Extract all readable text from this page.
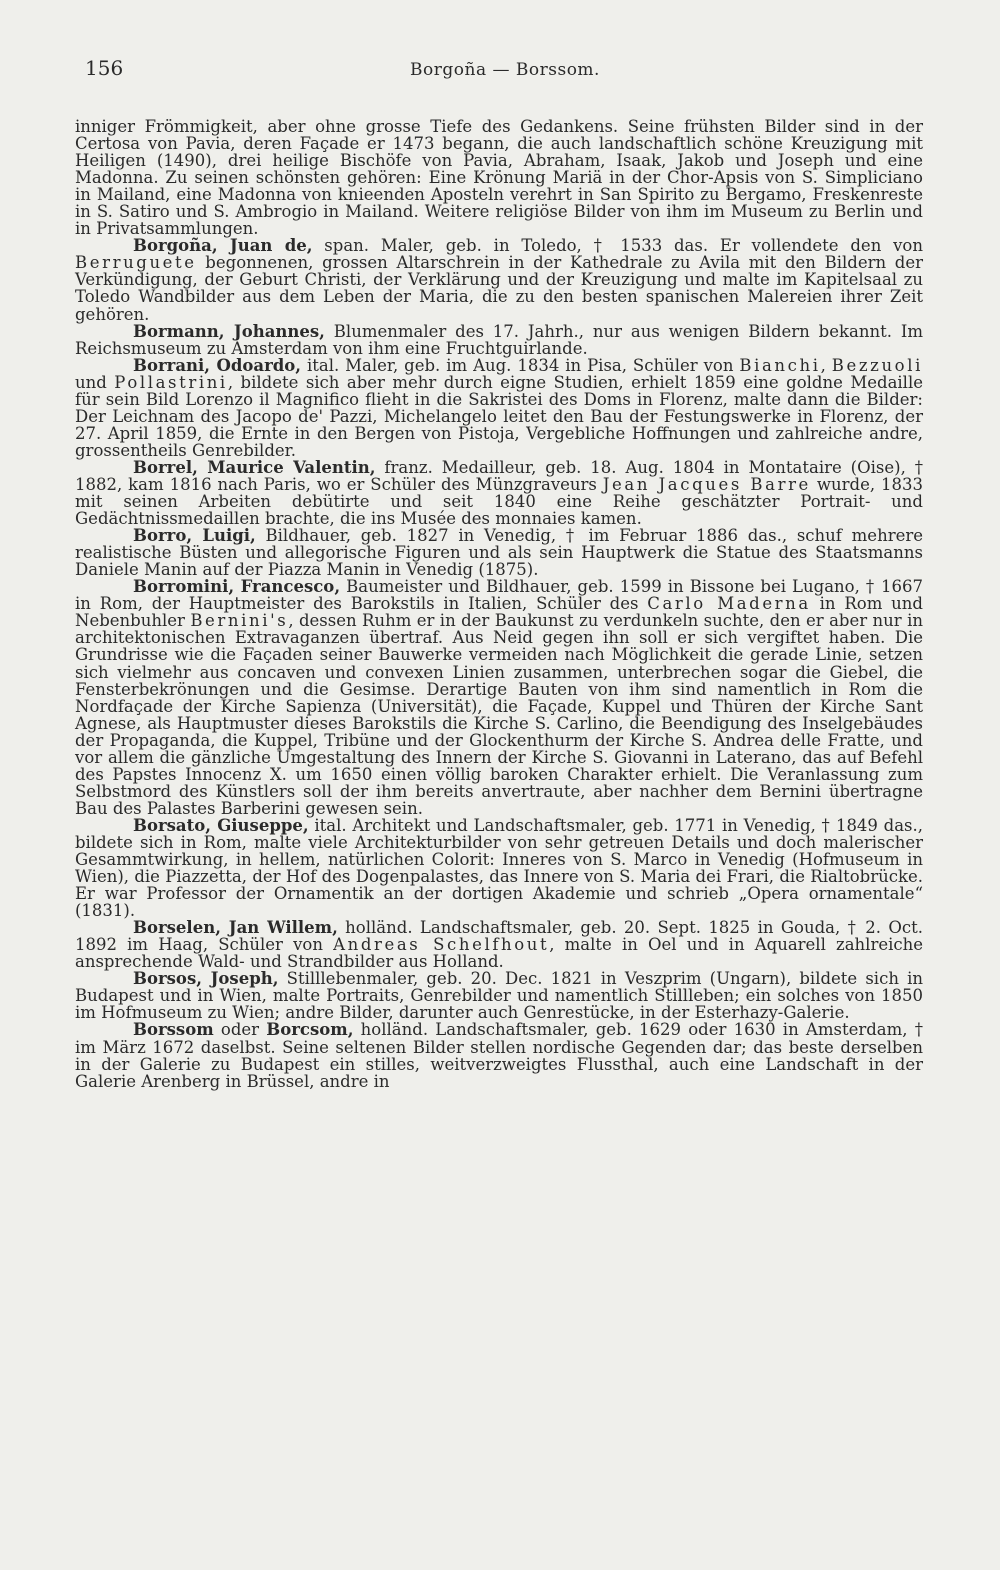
156	Borgoña — Borssom.

inniger Frömmigkeit, aber ohne grosse Tiefe des Gedankens. Seine frühsten Bilder sind in der Certosa von Pavia, deren Façade er 1473 begann, die auch landschaftlich schöne Kreuzigung mit Heiligen (1490), drei heilige Bischöfe von Pavia, Abraham, Isaak, Jakob und Joseph und eine Madonna. Zu seinen schönsten gehören: Eine Krönung Mariä in der Chor-Apsis von S. Simpliciano in Mailand, eine Madonna von knieenden Aposteln verehrt in San Spirito zu Bergamo, Freskenreste in S. Satiro und S. Ambrogio in Mailand. Weitere religiöse Bilder von ihm im Museum zu Berlin und in Privatsammlungen.

Borgoña, Juan de, span. Maler, geb. in Toledo, † 1533 das. Er vollendete den von Berruguete begonnenen, grossen Altarschrein in der Kathedrale zu Avila mit den Bildern der Verkündigung, der Geburt Christi, der Verklärung und der Kreuzigung und malte im Kapitelsaal zu Toledo Wandbilder aus dem Leben der Maria, die zu den besten spanischen Malereien ihrer Zeit gehören.

Bormann, Johannes, Blumenmaler des 17. Jahrh., nur aus wenigen Bildern bekannt. Im Reichsmuseum zu Amsterdam von ihm eine Fruchtguirlande.

Borrani, Odoardo, ital. Maler, geb. im Aug. 1834 in Pisa, Schüler von Bianchi, Bezzuoli und Pollastrini, bildete sich aber mehr durch eigne Studien, erhielt 1859 eine goldne Medaille für sein Bild Lorenzo il Magnifico flieht in die Sakristei des Doms in Florenz, malte dann die Bilder: Der Leichnam des Jacopo de' Pazzi, Michelangelo leitet den Bau der Festungswerke in Florenz, der 27. April 1859, die Ernte in den Bergen von Pistoja, Vergebliche Hoffnungen und zahlreiche andre, grossentheils Genrebilder.

Borrel, Maurice Valentin, franz. Medailleur, geb. 18. Aug. 1804 in Montataire (Oise), † 1882, kam 1816 nach Paris, wo er Schüler des Münzgraveurs Jean Jacques Barre wurde, 1833 mit seinen Arbeiten debütirte und seit 1840 eine Reihe geschätzter Portrait- und Gedächtnissmedaillen brachte, die ins Musée des monnaies kamen.

Borro, Luigi, Bildhauer, geb. 1827 in Venedig, † im Februar 1886 das., schuf mehrere realistische Büsten und allegorische Figuren und als sein Hauptwerk die Statue des Staatsmanns Daniele Manin auf der Piazza Manin in Venedig (1875).

Borromini, Francesco, Baumeister und Bildhauer, geb. 1599 in Bissone bei Lugano, † 1667 in Rom, der Hauptmeister des Barokstils in Italien, Schüler des Carlo Maderna in Rom und Nebenbuhler Bernini's, dessen Ruhm er in der Baukunst zu verdunkeln suchte, den er aber nur in architektonischen Extravaganzen übertraf. Aus Neid gegen ihn soll er sich vergiftet haben. Die Grundrisse wie die Façaden seiner Bauwerke vermeiden nach Möglichkeit die gerade Linie, setzen sich vielmehr aus concaven und convexen Linien zusammen, unterbrechen sogar die Giebel, die Fensterbekrönungen und die Gesimse. Derartige Bauten von ihm sind namentlich in Rom die Nordfaçade der Kirche Sapienza (Universität), die Façade, Kuppel und Thüren der Kirche Sant Agnese, als Hauptmuster dieses Barokstils die Kirche S. Carlino, die Beendigung des Inselgebäudes der Propaganda, die Kuppel, Tribüne und der Glockenthurm der Kirche S. Andrea delle Fratte, und vor allem die gänzliche Umgestaltung des Innern der Kirche S. Giovanni in Laterano, das auf Befehl des Papstes Innocenz X. um 1650 einen völlig baroken Charakter erhielt. Die Veranlassung zum Selbstmord des Künstlers soll der ihm bereits anvertraute, aber nachher dem Bernini übertragne Bau des Palastes Barberini gewesen sein.

Borsato, Giuseppe, ital. Architekt und Landschaftsmaler, geb. 1771 in Venedig, † 1849 das., bildete sich in Rom, malte viele Architekturbilder von sehr getreuen Details und doch malerischer Gesammtwirkung, in hellem, natürlichen Colorit: Inneres von S. Marco in Venedig (Hofmuseum in Wien), die Piazzetta, der Hof des Dogenpalastes, das Innere von S. Maria dei Frari, die Rialtobrücke. Er war Professor der Ornamentik an der dortigen Akademie und schrieb „Opera ornamentale“ (1831).

Borselen, Jan Willem, holländ. Landschaftsmaler, geb. 20. Sept. 1825 in Gouda, † 2. Oct. 1892 im Haag, Schüler von Andreas Schelfhout, malte in Oel und in Aquarell zahlreiche ansprechende Wald- und Strandbilder aus Holland.

Borsos, Joseph, Stilllebenmaler, geb. 20. Dec. 1821 in Veszprim (Ungarn), bildete sich in Budapest und in Wien, malte Portraits, Genrebilder und namentlich Stillleben; ein solches von 1850 im Hofmuseum zu Wien; andre Bilder, darunter auch Genrestücke, in der Esterhazy-Galerie.

Borssom oder Borcsom, holländ. Landschaftsmaler, geb. 1629 oder 1630 in Amsterdam, † im März 1672 daselbst. Seine seltenen Bilder stellen nordische Gegenden dar; das beste derselben in der Galerie zu Budapest ein stilles, weitverzweigtes Flussthal, auch eine Landschaft in der Galerie Arenberg in Brüssel, andre in
